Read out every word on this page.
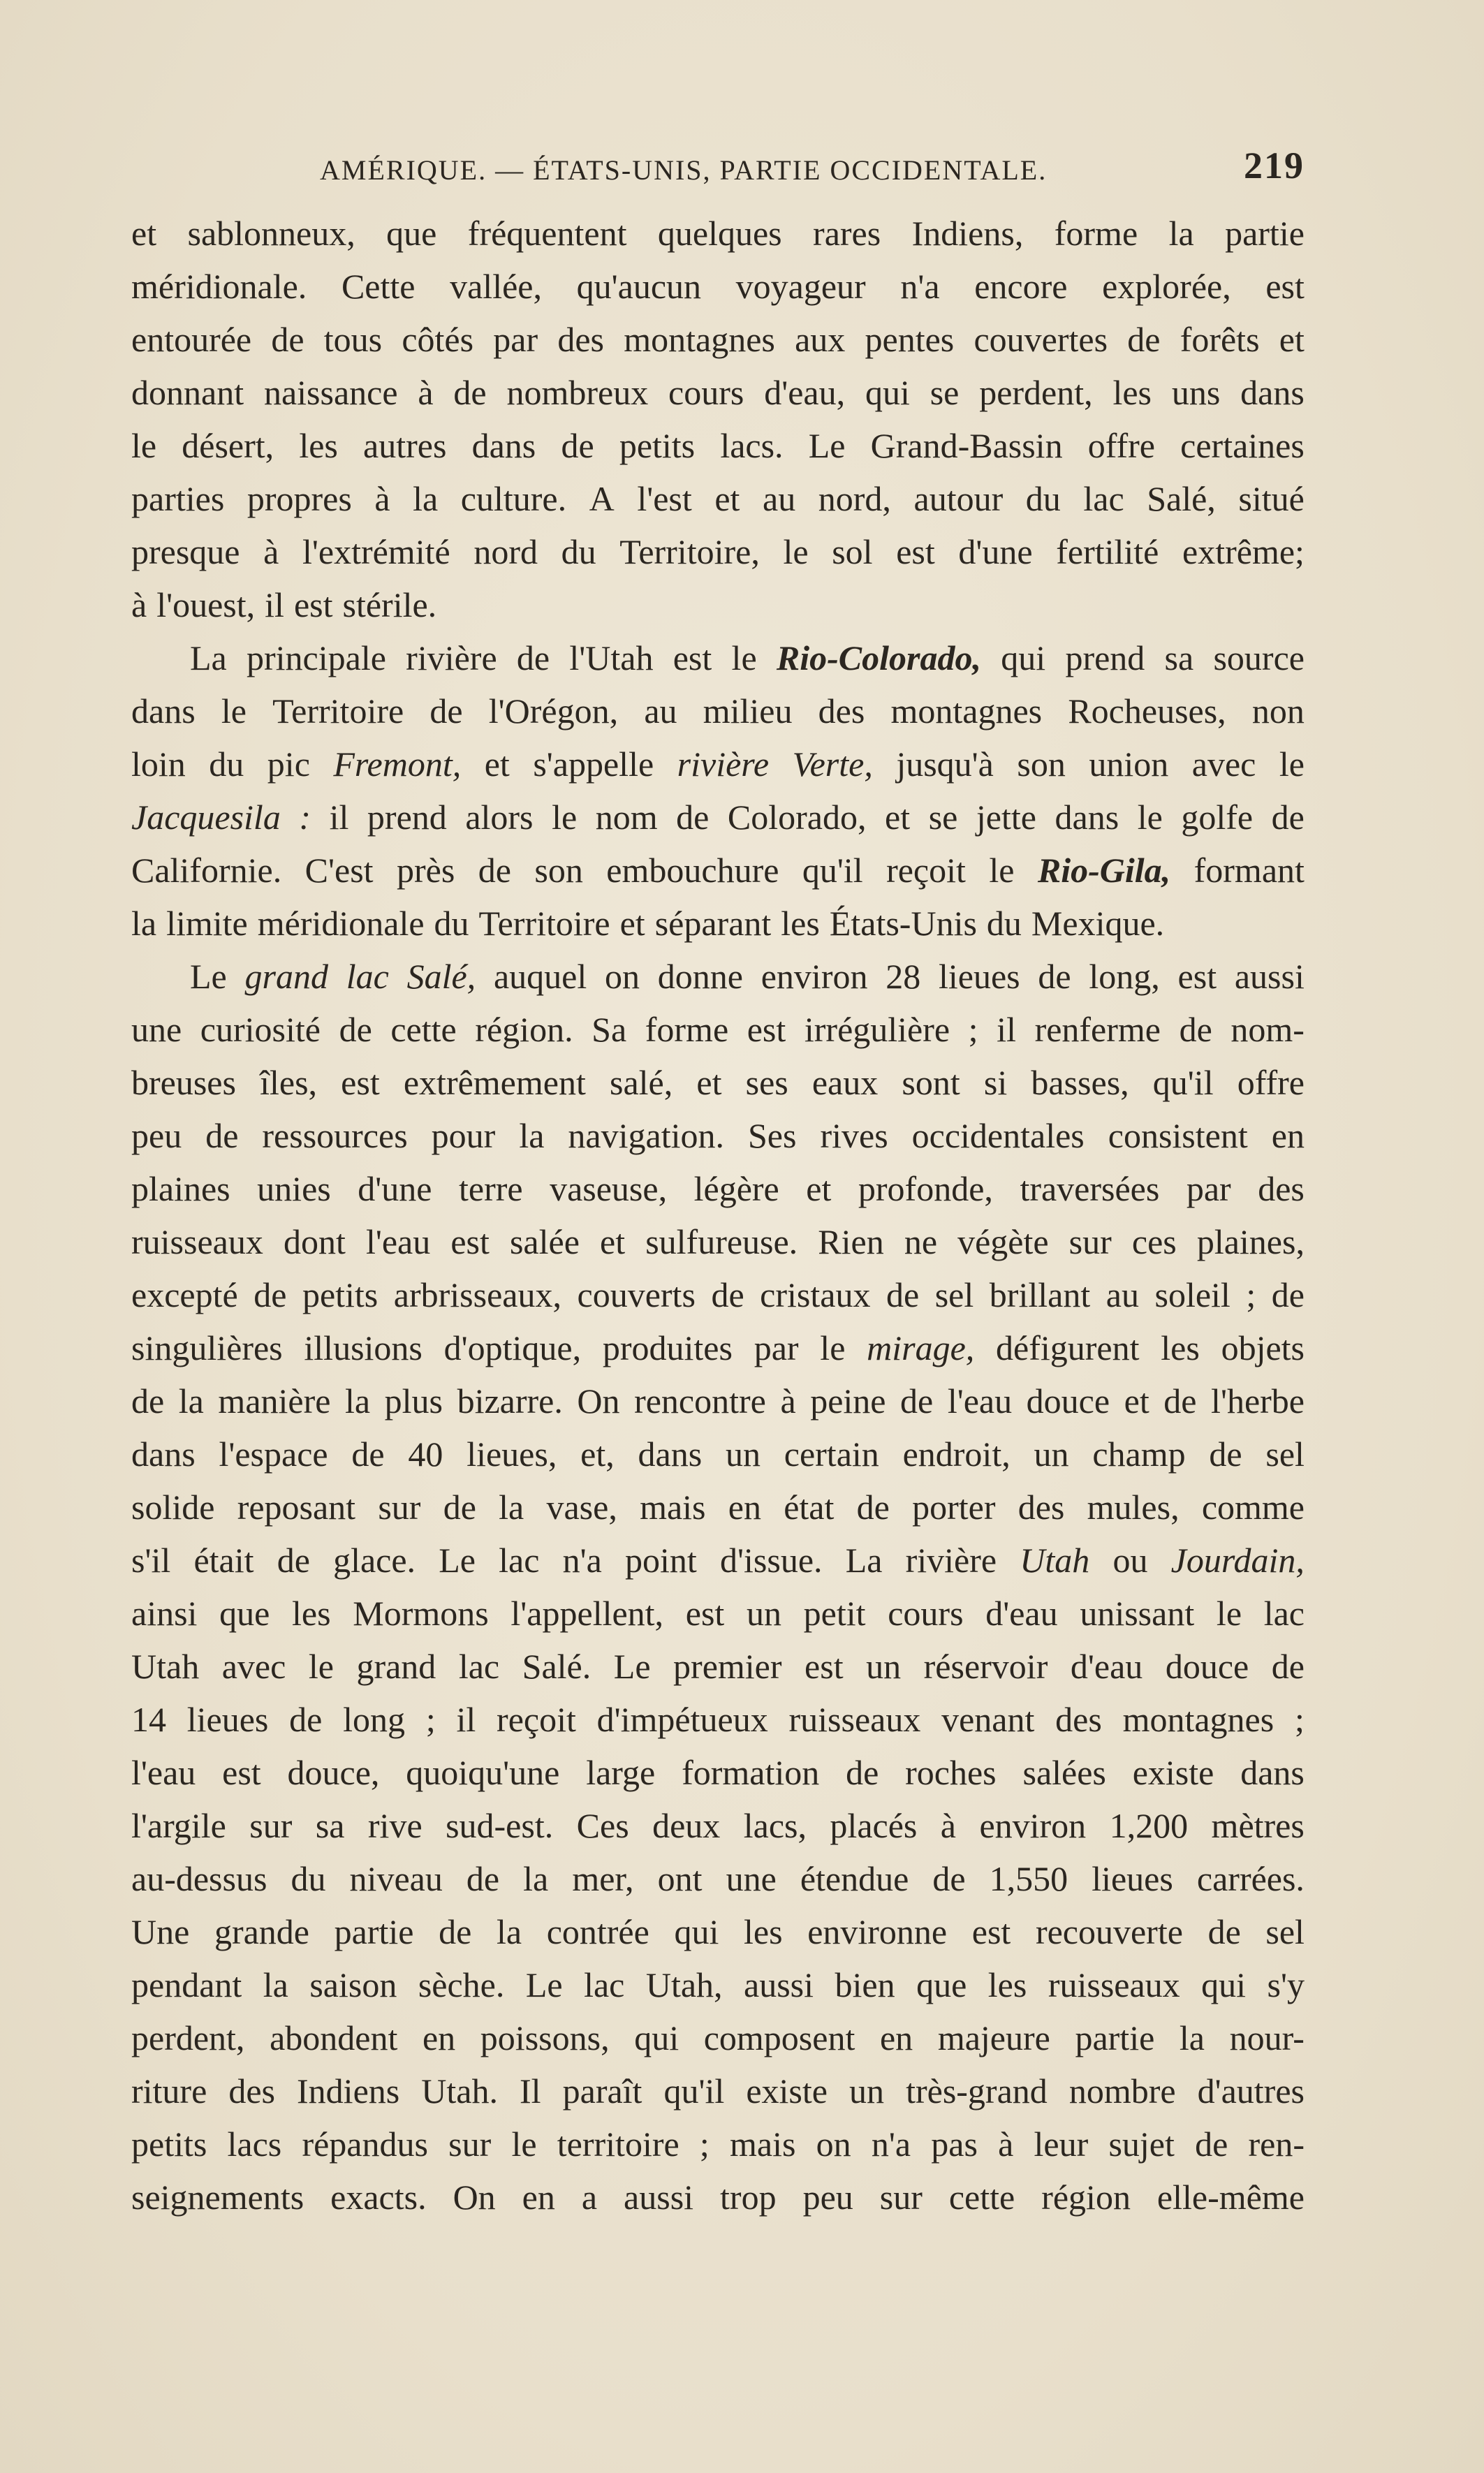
AMÉRIQUE. — ÉTATS-UNIS, PARTIE OCCIDENTALE.	219
et sablonneux, que fréquentent quelques rares Indiens, forme la partie
méridionale. Cette vallée, qu'aucun voyageur n'a encore explorée, est
entourée de tous côtés par des montagnes aux pentes couvertes de forêts et
donnant naissance à de nombreux cours d'eau, qui se perdent, les uns dans
le désert, les autres dans de petits lacs. Le Grand-Bassin offre certaines
parties propres à la culture. A l'est et au nord, autour du lac Salé, situé
presque à l'extrémité nord du Territoire, le sol est d'une fertilité extrême;
à l'ouest, il est stérile.
La principale rivière de l'Utah est le Rio-Colorado, qui prend sa source
dans le Territoire de l'Orégon, au milieu des montagnes Rocheuses, non
loin du pic Fremont, et s'appelle rivière Verte, jusqu'à son union avec le
Jacquesila : il prend alors le nom de Colorado, et se jette dans le golfe de
Californie. C'est près de son embouchure qu'il reçoit le Rio-Gila, formant
la limite méridionale du Territoire et séparant les États-Unis du Mexique.
Le grand lac Salé, auquel on donne environ 28 lieues de long, est aussi
une curiosité de cette région. Sa forme est irrégulière ; il renferme de nom-
breuses îles, est extrêmement salé, et ses eaux sont si basses, qu'il offre
peu de ressources pour la navigation. Ses rives occidentales consistent en
plaines unies d'une terre vaseuse, légère et profonde, traversées par des
ruisseaux dont l'eau est salée et sulfureuse. Rien ne végète sur ces plaines,
excepté de petits arbrisseaux, couverts de cristaux de sel brillant au soleil ; de
singulières illusions d'optique, produites par le mirage, défigurent les objets
de la manière la plus bizarre. On rencontre à peine de l'eau douce et de l'herbe
dans l'espace de 40 lieues, et, dans un certain endroit, un champ de sel
solide reposant sur de la vase, mais en état de porter des mules, comme
s'il était de glace. Le lac n'a point d'issue. La rivière Utah ou Jourdain,
ainsi que les Mormons l'appellent, est un petit cours d'eau unissant le lac
Utah avec le grand lac Salé. Le premier est un réservoir d'eau douce de
14 lieues de long ; il reçoit d'impétueux ruisseaux venant des montagnes ;
l'eau est douce, quoiqu'une large formation de roches salées existe dans
l'argile sur sa rive sud-est. Ces deux lacs, placés à environ 1,200 mètres
au-dessus du niveau de la mer, ont une étendue de 1,550 lieues carrées.
Une grande partie de la contrée qui les environne est recouverte de sel
pendant la saison sèche. Le lac Utah, aussi bien que les ruisseaux qui s'y
perdent, abondent en poissons, qui composent en majeure partie la nour-
riture des Indiens Utah. Il paraît qu'il existe un très-grand nombre d'autres
petits lacs répandus sur le territoire ; mais on n'a pas à leur sujet de ren-
seignements exacts. On en a aussi trop peu sur cette région elle-même
